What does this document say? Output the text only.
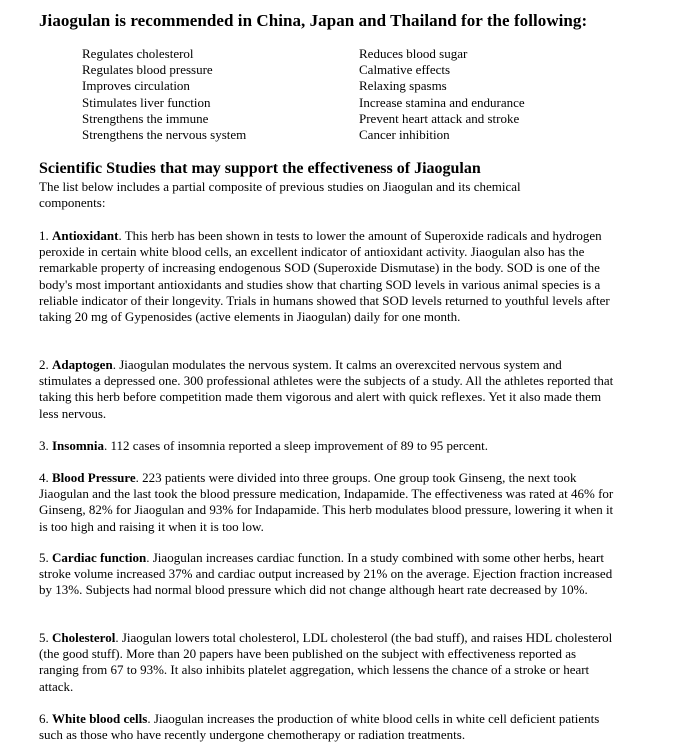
Jiaogulan is recommended in China, Japan and Thailand for the following:
Regulates cholesterol
Regulates blood pressure
Improves circulation
Stimulates liver function
Strengthens the immune
Strengthens the nervous system
Reduces blood sugar
Calmative effects
Relaxing spasms
Increase stamina and endurance
Prevent heart attack and stroke
Cancer inhibition
Scientific Studies that may support the effectiveness of Jiaogulan
The list below includes a partial composite of previous studies on Jiaogulan and its chemical components:
1. Antioxidant. This herb has been shown in tests to lower the amount of Superoxide radicals and hydrogen peroxide in certain white blood cells, an excellent indicator of antioxidant activity. Jiaogulan also has the remarkable property of increasing endogenous SOD (Superoxide Dismutase) in the body. SOD is one of the body's most important antioxidants and studies show that charting SOD levels in various animal species is a reliable indicator of their longevity. Trials in humans showed that SOD levels returned to youthful levels after taking 20 mg of Gypenosides (active elements in Jiaogulan) daily for one month.
2. Adaptogen. Jiaogulan modulates the nervous system. It calms an overexcited nervous system and stimulates a depressed one. 300 professional athletes were the subjects of a study. All the athletes reported that taking this herb before competition made them vigorous and alert with quick reflexes. Yet it also made them less nervous.
3. Insomnia. 112 cases of insomnia reported a sleep improvement of 89 to 95 percent.
4. Blood Pressure. 223 patients were divided into three groups. One group took Ginseng, the next took Jiaogulan and the last took the blood pressure medication, Indapamide. The effectiveness was rated at 46% for Ginseng, 82% for Jiaogulan and 93% for Indapamide. This herb modulates blood pressure, lowering it when it is too high and raising it when it is too low.
5. Cardiac function. Jiaogulan increases cardiac function. In a study combined with some other herbs, heart stroke volume increased 37% and cardiac output increased by 21% on the average. Ejection fraction increased by 13%. Subjects had normal blood pressure which did not change although heart rate decreased by 10%.
5. Cholesterol. Jiaogulan lowers total cholesterol, LDL cholesterol (the bad stuff), and raises HDL cholesterol (the good stuff). More than 20 papers have been published on the subject with effectiveness reported as ranging from 67 to 93%. It also inhibits platelet aggregation, which lessens the chance of a stroke or heart attack.
6. White blood cells. Jiaogulan increases the production of white blood cells in white cell deficient patients such as those who have recently undergone chemotherapy or radiation treatments.
